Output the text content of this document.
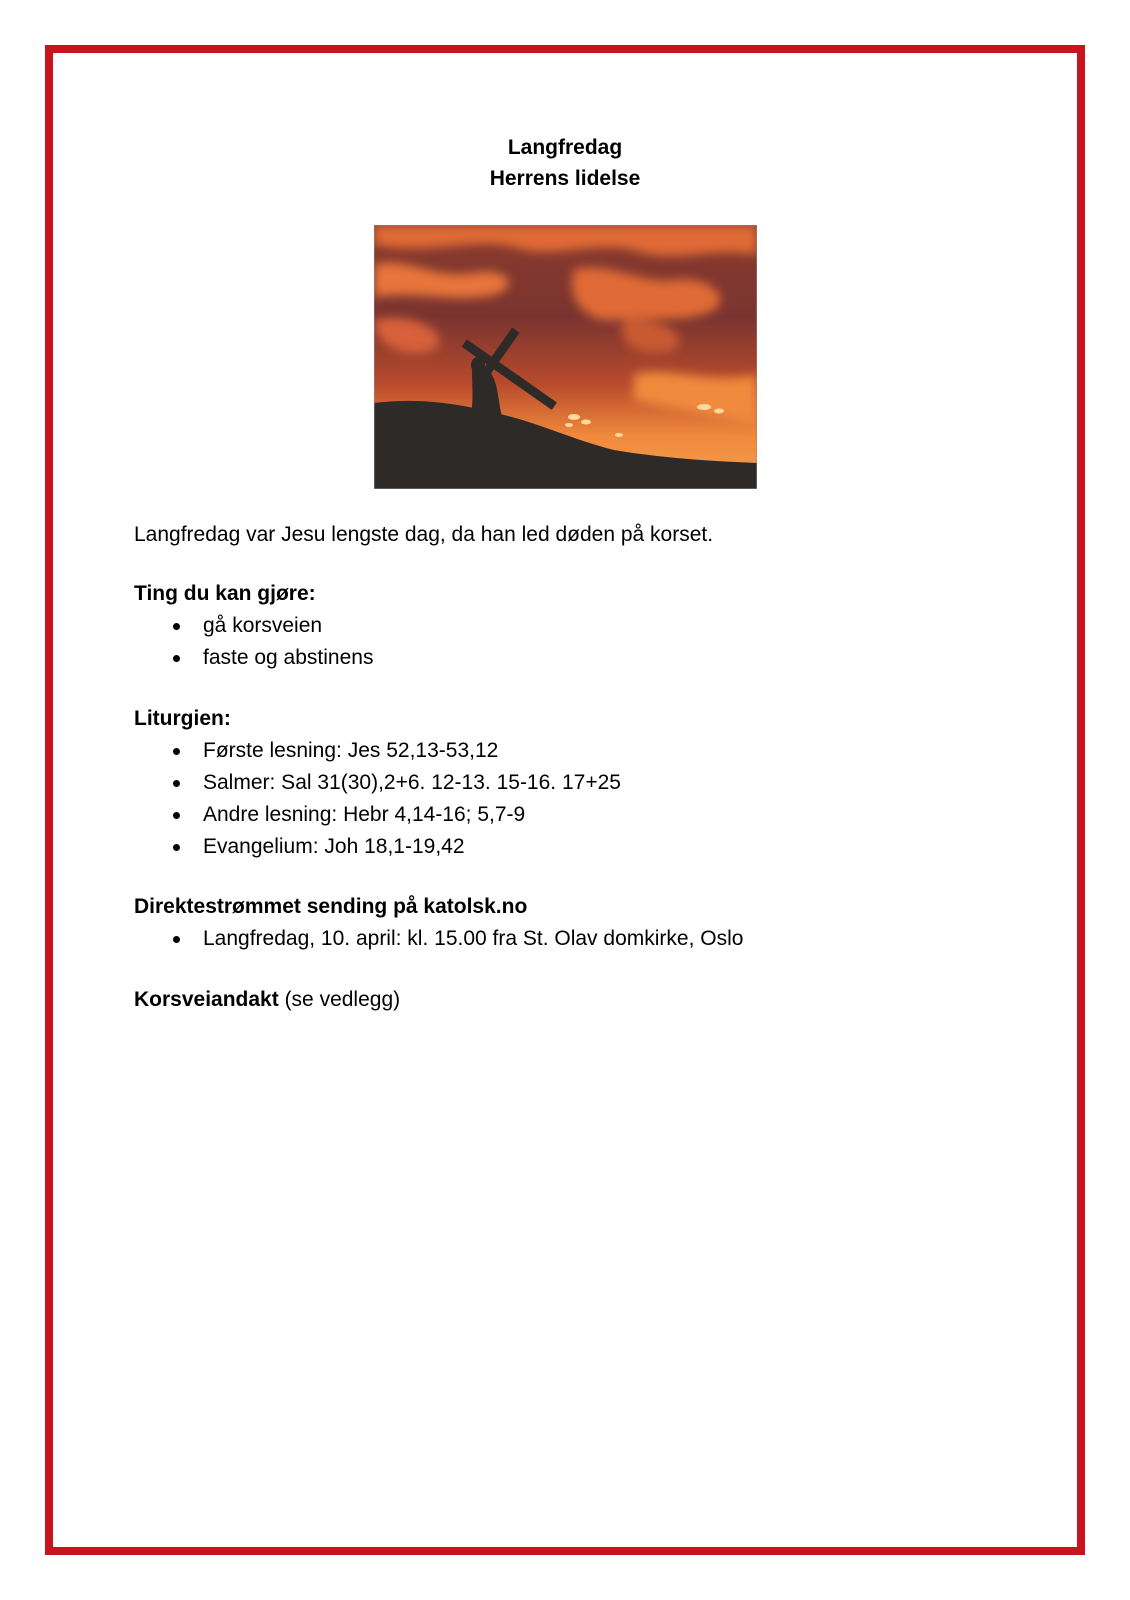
Langfredag
Herrens lidelse
Langfredag var Jesu lengste dag, da han led døden på korset.
Ting du kan gjøre:
gå korsveien
faste og abstinens
Liturgien:
Første lesning: Jes 52,13-53,12
Salmer: Sal 31(30),2+6. 12-13. 15-16. 17+25
Andre lesning: Hebr 4,14-16; 5,7-9
Evangelium: Joh 18,1-19,42
Direktestrømmet sending på katolsk.no
Langfredag, 10. april: kl. 15.00 fra St. Olav domkirke, Oslo
Korsveiandakt (se vedlegg)
